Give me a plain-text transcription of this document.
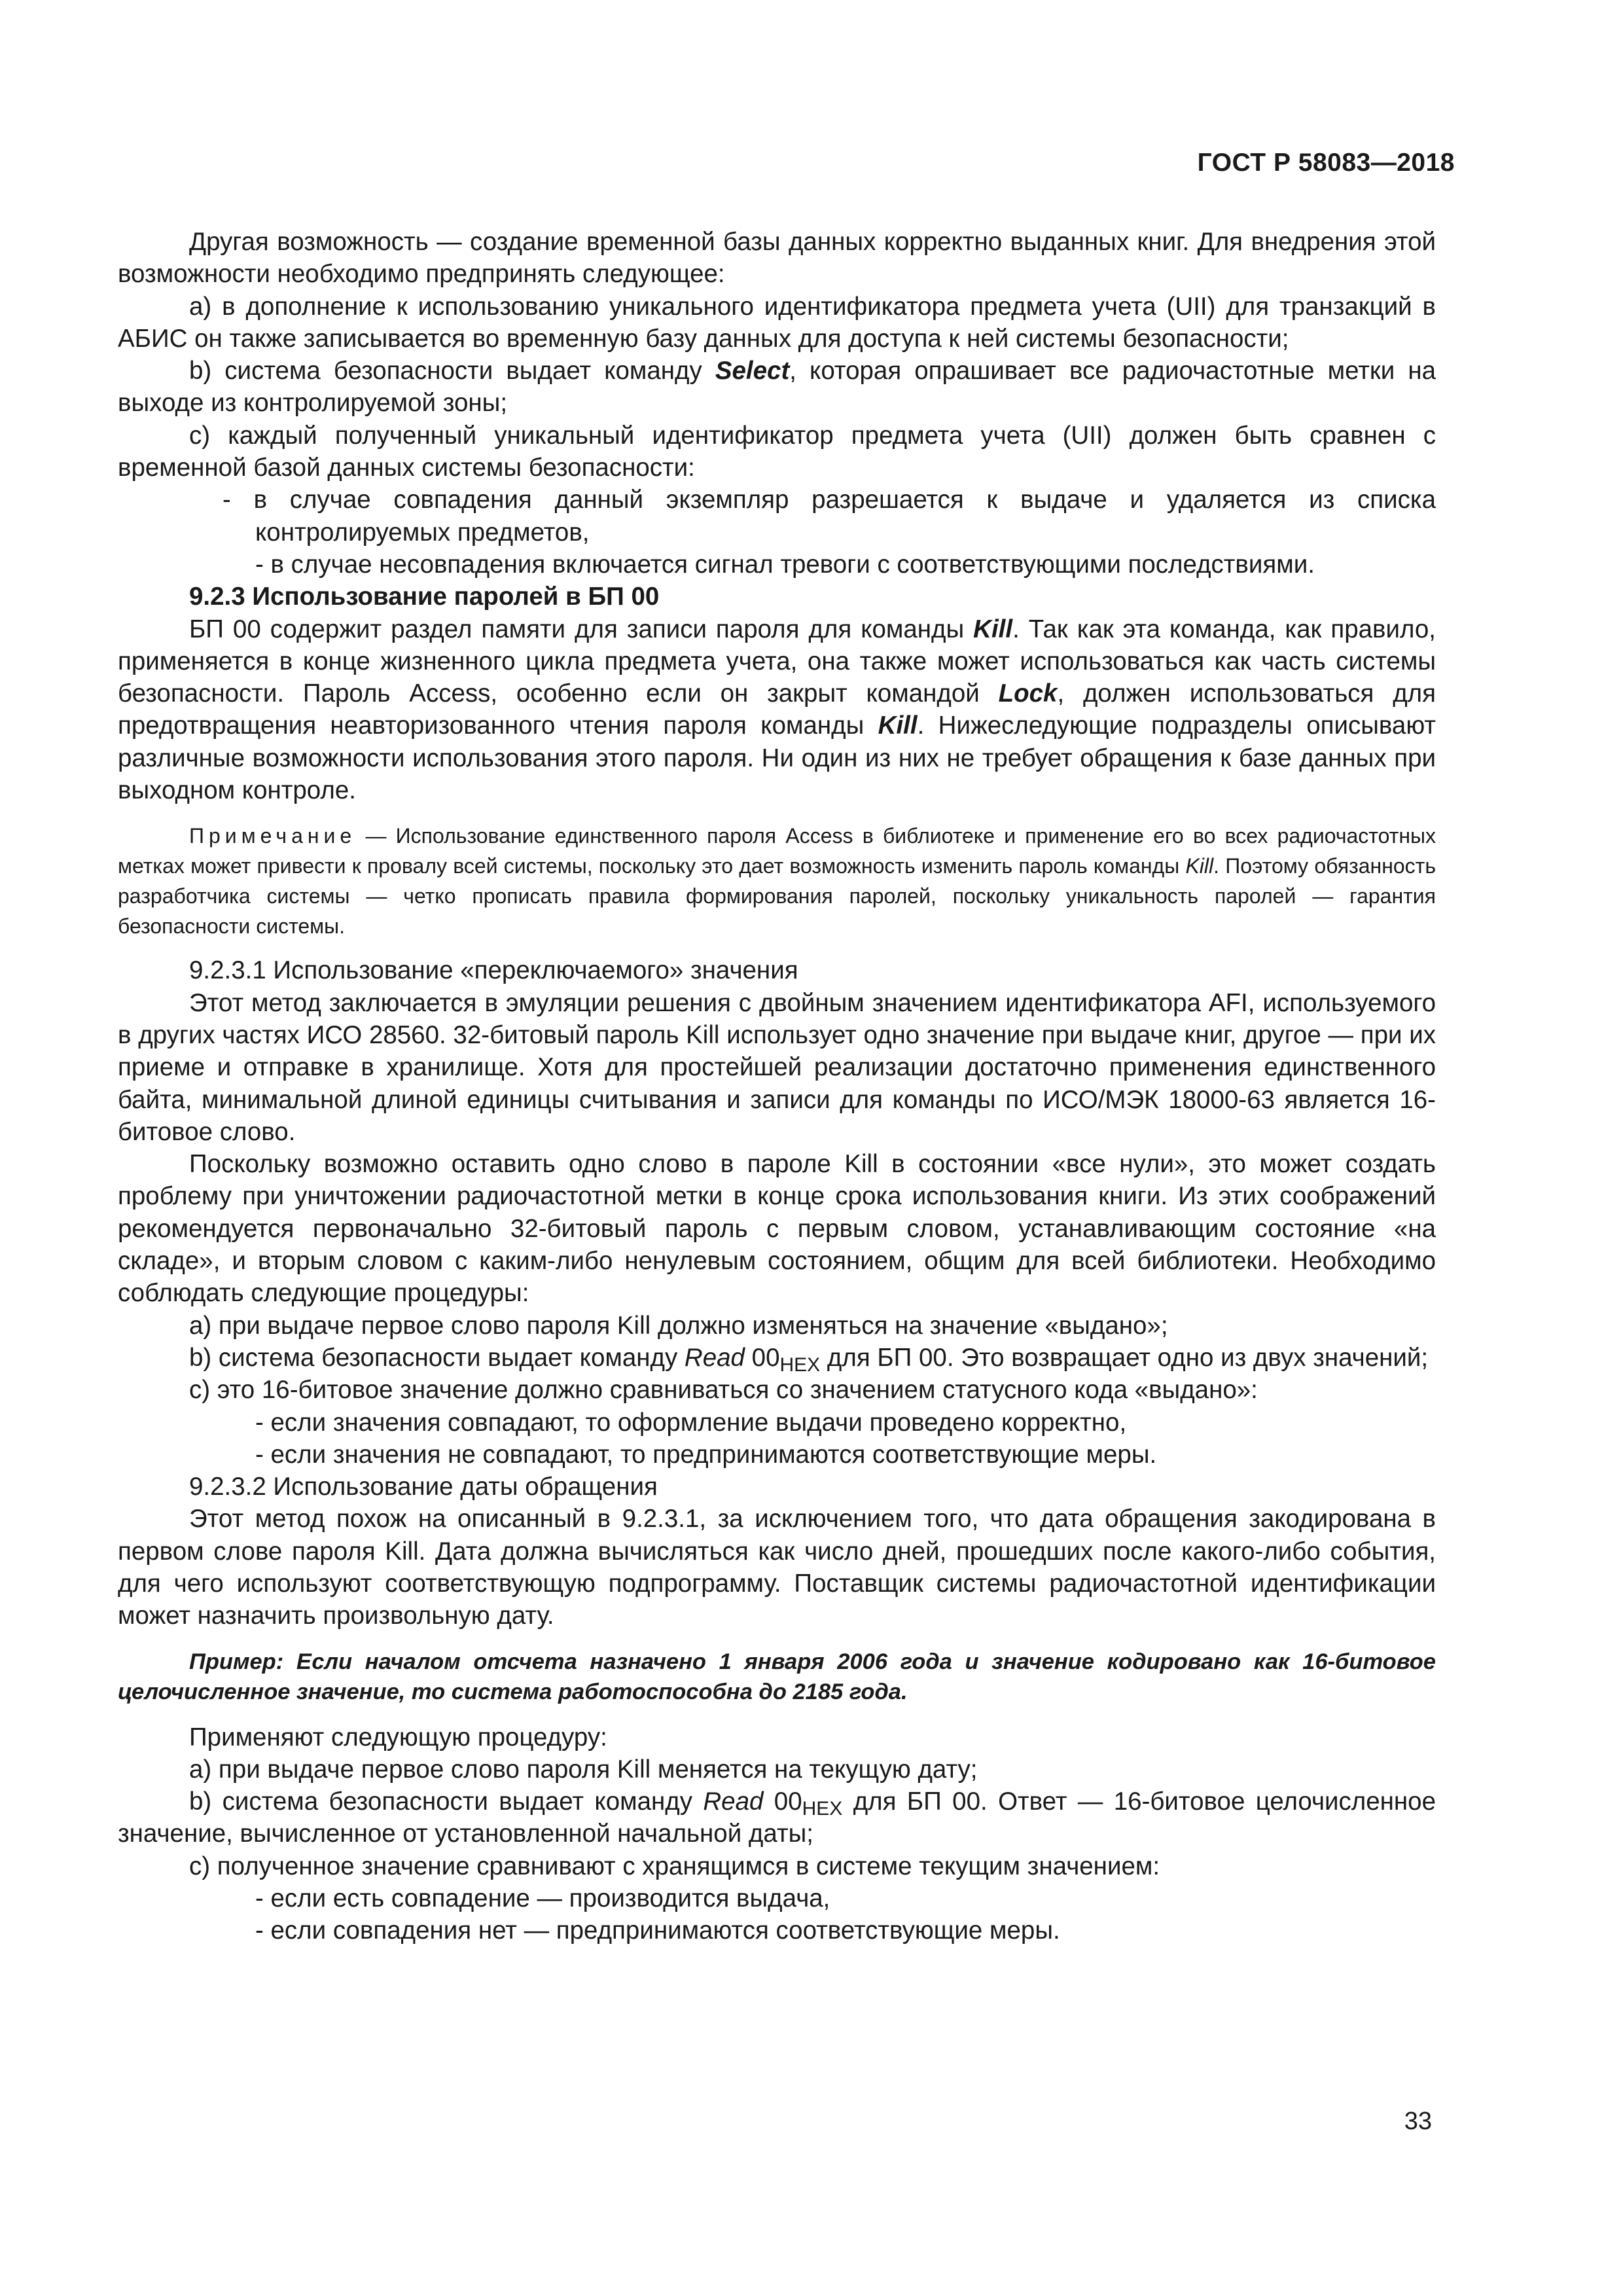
ГОСТ Р 58083—2018

Другая возможность — создание временной базы данных корректно выданных книг. Для внедрения этой возможности необходимо предпринять следующее:

a) в дополнение к использованию уникального идентификатора предмета учета (UII) для транзакций в АБИС он также записывается во временную базу данных для доступа к ней системы безопасности;

b) система безопасности выдает команду Select, которая опрашивает все радиочастотные метки на выходе из контролируемой зоны;

c) каждый полученный уникальный идентификатор предмета учета (UII) должен быть сравнен с временной базой данных системы безопасности:

- в случае совпадения данный экземпляр разрешается к выдаче и удаляется из списка контролируемых предметов,

- в случае несовпадения включается сигнал тревоги с соответствующими последствиями.

9.2.3 Использование паролей в БП 00

БП 00 содержит раздел памяти для записи пароля для команды Kill. Так как эта команда, как правило, применяется в конце жизненного цикла предмета учета, она также может использоваться как часть системы безопасности. Пароль Access, особенно если он закрыт командой Lock, должен использоваться для предотвращения неавторизованного чтения пароля команды Kill. Нижеследующие подразделы описывают различные возможности использования этого пароля. Ни один из них не требует обращения к базе данных при выходном контроле.

Примечание — Использование единственного пароля Access в библиотеке и применение его во всех радиочастотных метках может привести к провалу всей системы, поскольку это дает возможность изменить пароль команды Kill. Поэтому обязанность разработчика системы — четко прописать правила формирования паролей, поскольку уникальность паролей — гарантия безопасности системы.

9.2.3.1 Использование «переключаемого» значения

Этот метод заключается в эмуляции решения с двойным значением идентификатора AFI, используемого в других частях ИСО 28560. 32-битовый пароль Kill использует одно значение при выдаче книг, другое — при их приеме и отправке в хранилище. Хотя для простейшей реализации достаточно применения единственного байта, минимальной длиной единицы считывания и записи для команды по ИСО/МЭК 18000-63 является 16-битовое слово.

Поскольку возможно оставить одно слово в пароле Kill в состоянии «все нули», это может создать проблему при уничтожении радиочастотной метки в конце срока использования книги. Из этих соображений рекомендуется первоначально 32-битовый пароль с первым словом, устанавливающим состояние «на складе», и вторым словом с каким-либо ненулевым состоянием, общим для всей библиотеки. Необходимо соблюдать следующие процедуры:

a) при выдаче первое слово пароля Kill должно изменяться на значение «выдано»;

b) система безопасности выдает команду Read $00_{HEX}$ для БП 00. Это возвращает одно из двух значений;

c) это 16-битовое значение должно сравниваться со значением статусного кода «выдано»:

- если значения совпадают, то оформление выдачи проведено корректно,

- если значения не совпадают, то предпринимаются соответствующие меры.

9.2.3.2 Использование даты обращения

Этот метод похож на описанный в 9.2.3.1, за исключением того, что дата обращения закодирована в первом слове пароля Kill. Дата должна вычисляться как число дней, прошедших после какого-либо события, для чего используют соответствующую подпрограмму. Поставщик системы радиочастотной идентификации может назначить произвольную дату.

Пример: Если началом отсчета назначено 1 января 2006 года и значение кодировано как 16-битовое целочисленное значение, то система работоспособна до 2185 года.

Применяют следующую процедуру:

a) при выдаче первое слово пароля Kill меняется на текущую дату;

b) система безопасности выдает команду Read $00_{HEX}$ для БП 00. Ответ — 16-битовое целочисленное значение, вычисленное от установленной начальной даты;

c) полученное значение сравнивают с хранящимся в системе текущим значением:

- если есть совпадение — производится выдача,

- если совпадения нет — предпринимаются соответствующие меры.

33
